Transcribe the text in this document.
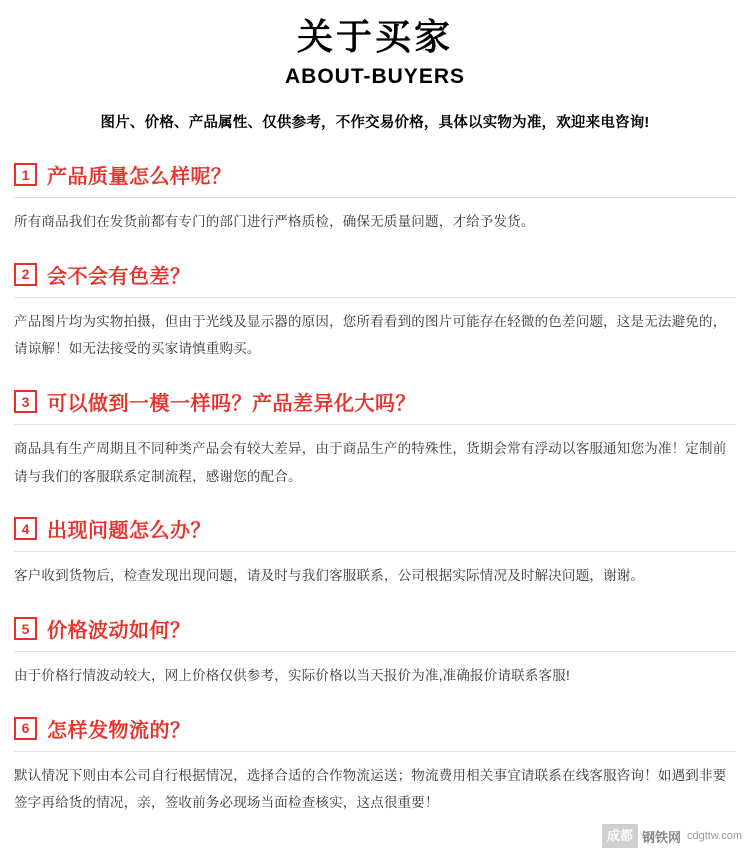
关于买家
ABOUT-BUYERS
图片、价格、产品属性、仅供参考，不作交易价格，具体以实物为准，欢迎来电咨询!
1 产品质量怎么样呢？
所有商品我们在发货前都有专门的部门进行严格质检，确保无质量问题，才给予发货。
2 会不会有色差？
产品图片均为实物拍摄，但由于光线及显示器的原因，您所看看到的图片可能存在轻微的色差问题，这是无法避免的，请谅解！如无法接受的买家请慎重购买。
3 可以做到一模一样吗？产品差异化大吗？
商品具有生产周期且不同种类产品会有较大差异，由于商品生产的特殊性，货期会常有浮动以客服通知您为准！定制前请与我们的客服联系定制流程，感谢您的配合。
4 出现问题怎么办？
客户收到货物后，检查发现出现问题，请及时与我们客服联系，公司根据实际情况及时解决问题，谢谢。
5 价格波动如何？
由于价格行情波动较大，网上价格仅供参考，实际价格以当天报价为准,准确报价请联系客服!
6 怎样发物流的？
默认情况下则由本公司自行根据情况，选择合适的合作物流运送；物流费用相关事宜请联系在线客服咨询！如遇到非要签字再给货的情况，亲，签收前务必现场当面检查核实，这点很重要！
成都 钢铁网 cdgttw.com
